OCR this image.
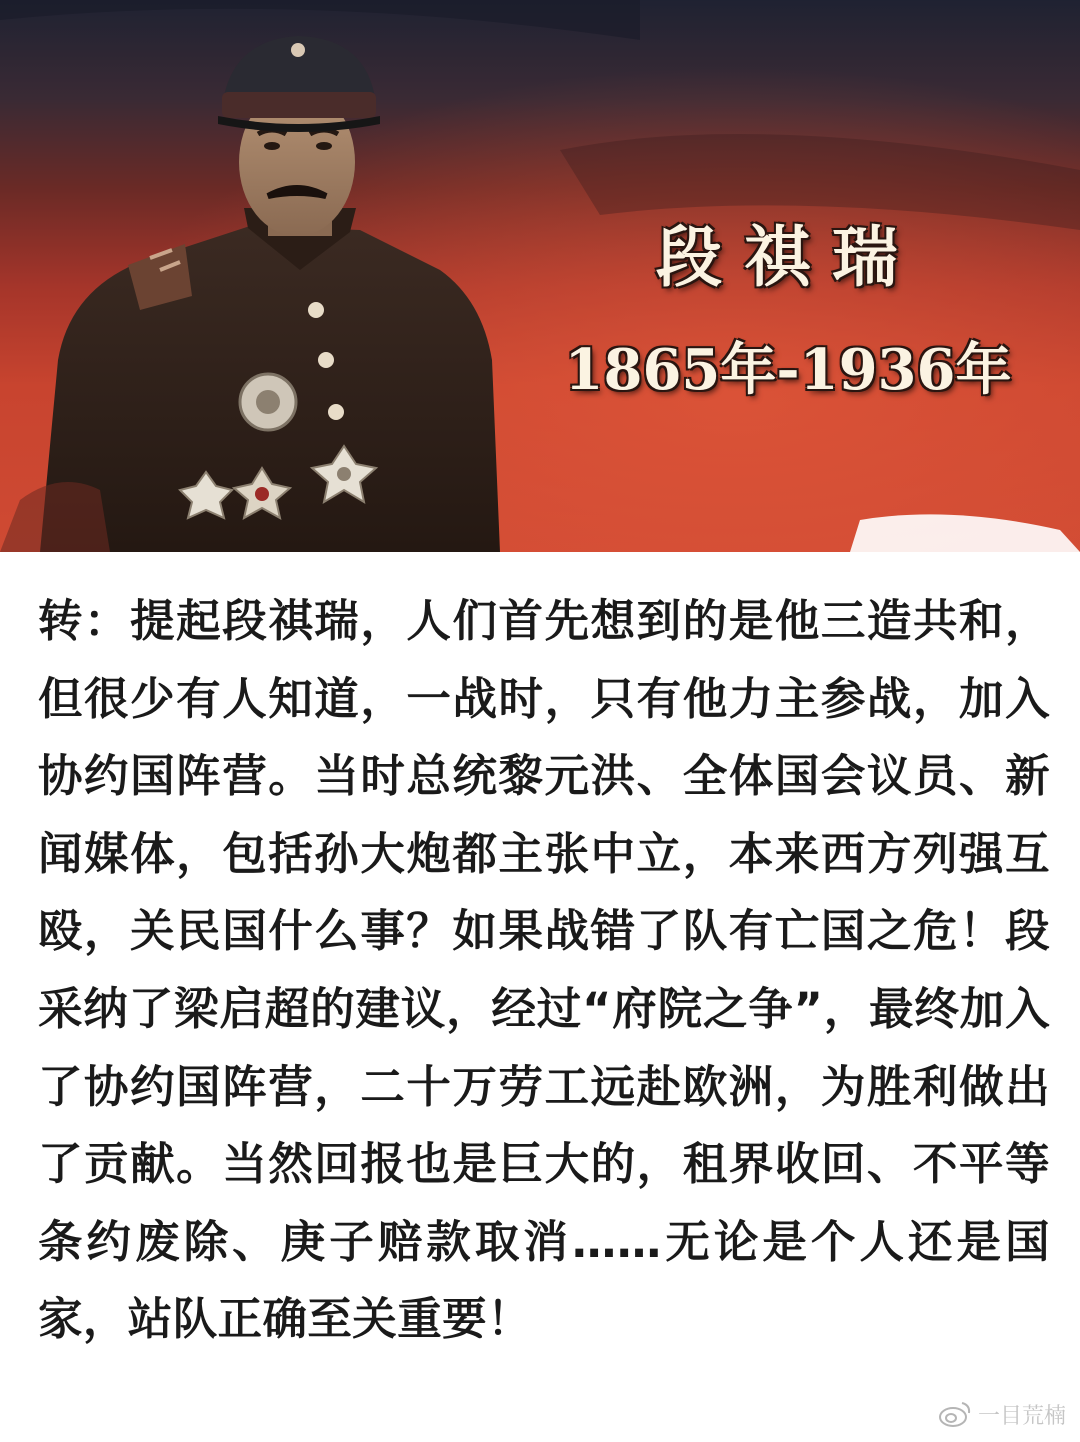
段祺瑞
1865年-1936年

转：提起段祺瑞，人们首先想到的是他三造共和，但很少有人知道，一战时，只有他力主参战，加入协约国阵营。当时总统黎元洪、全体国会议员、新闻媒体，包括孙大炮都主张中立，本来西方列强互殴，关民国什么事？如果战错了队有亡国之危！段采纳了梁启超的建议，经过“府院之争”，最终加入了协约国阵营，二十万劳工远赴欧洲，为胜利做出了贡献。当然回报也是巨大的，租界收回、不平等条约废除、庚子赔款取消……无论是个人还是国家，站队正确至关重要！

一目荒楠
